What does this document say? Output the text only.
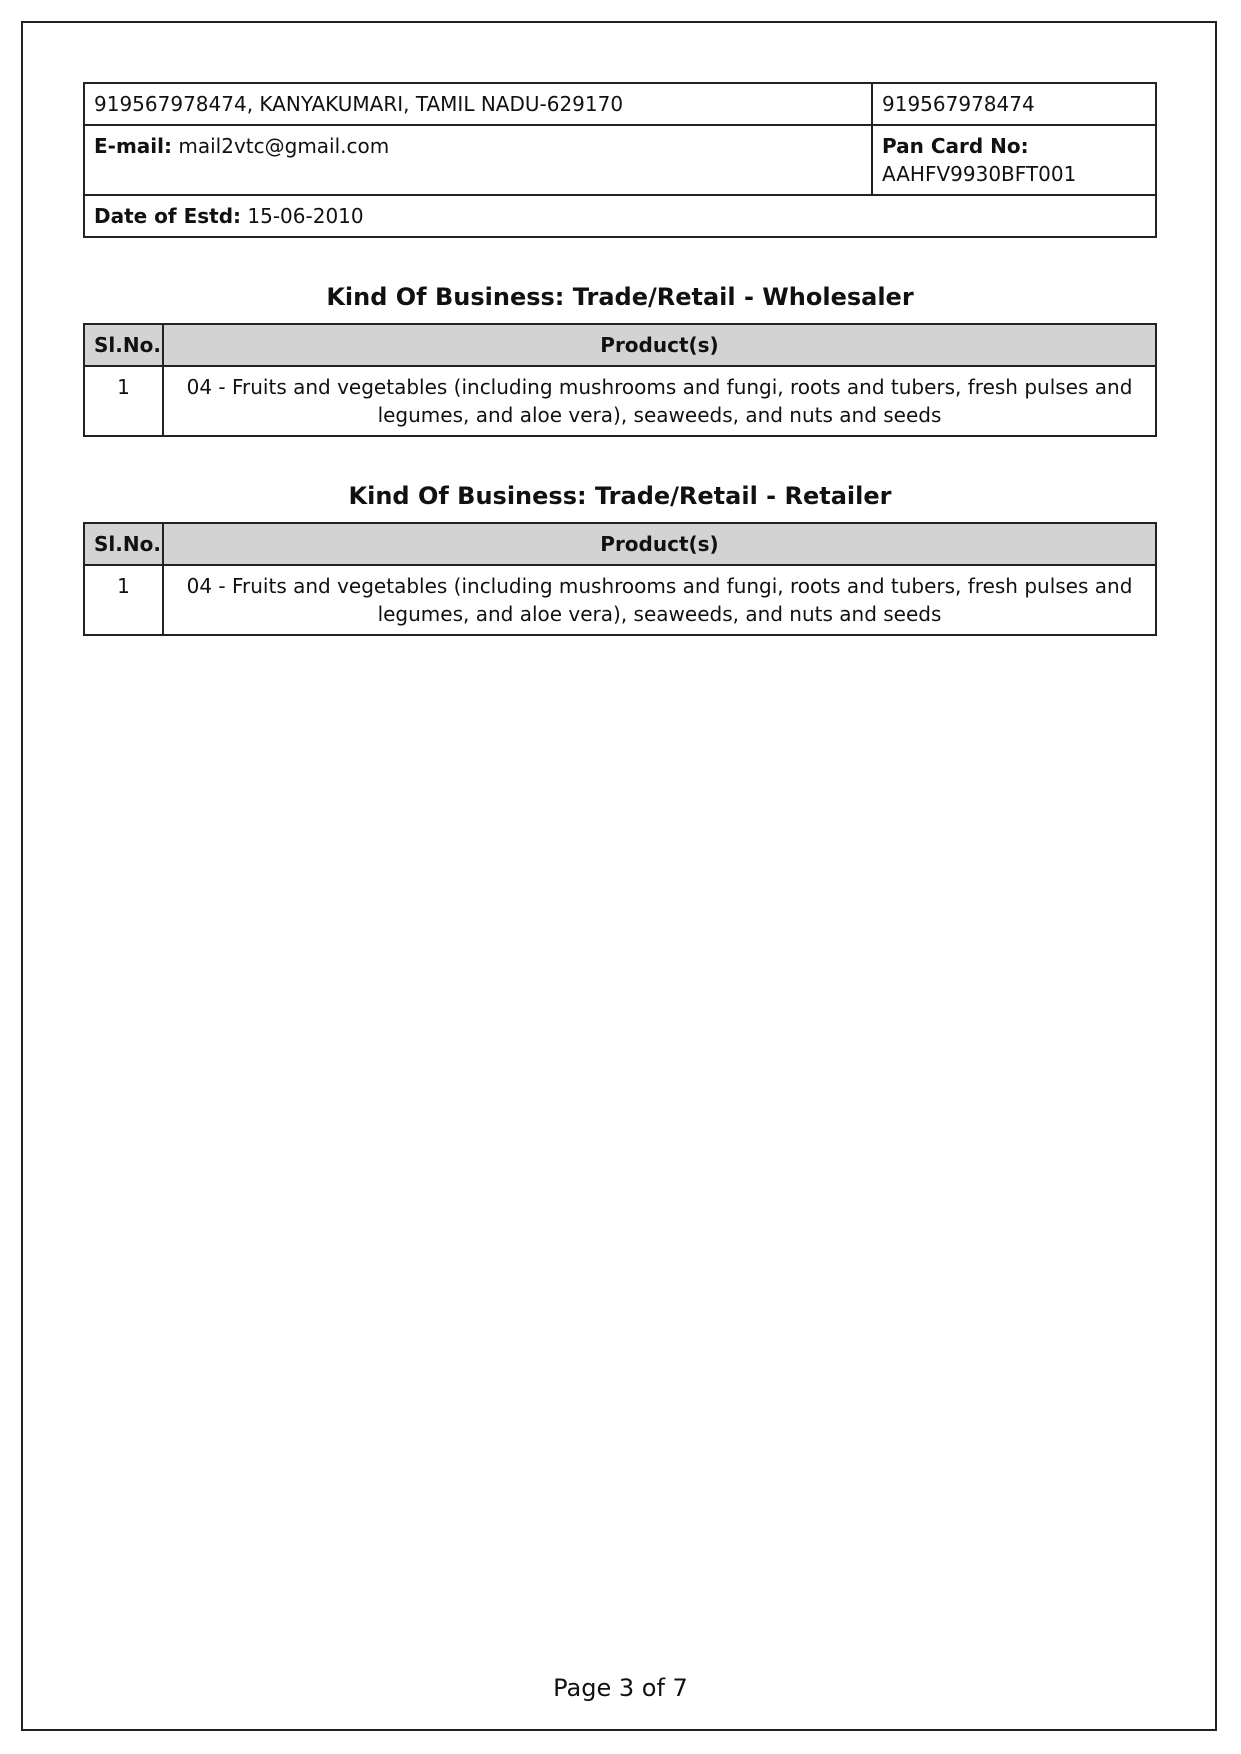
919567978474, KANYAKUMARI, TAMIL NADU-629170	919567978474
E-mail: mail2vtc@gmail.com	Pan Card No:
AAHFV9930BFT001

Date of Estd: 15-06-2010	
Kind Of Business: Trade/Retail - Wholesaler
Sl.No.	Product(s)
1	04 - Fruits and vegetables (including mushrooms and fungi, roots and tubers, fresh pulses and legumes, and aloe vera), seaweeds, and nuts and seeds
Kind Of Business: Trade/Retail - Retailer
Sl.No.	Product(s)
1	04 - Fruits and vegetables (including mushrooms and fungi, roots and tubers, fresh pulses and legumes, and aloe vera), seaweeds, and nuts and seeds
Page 3 of 7
